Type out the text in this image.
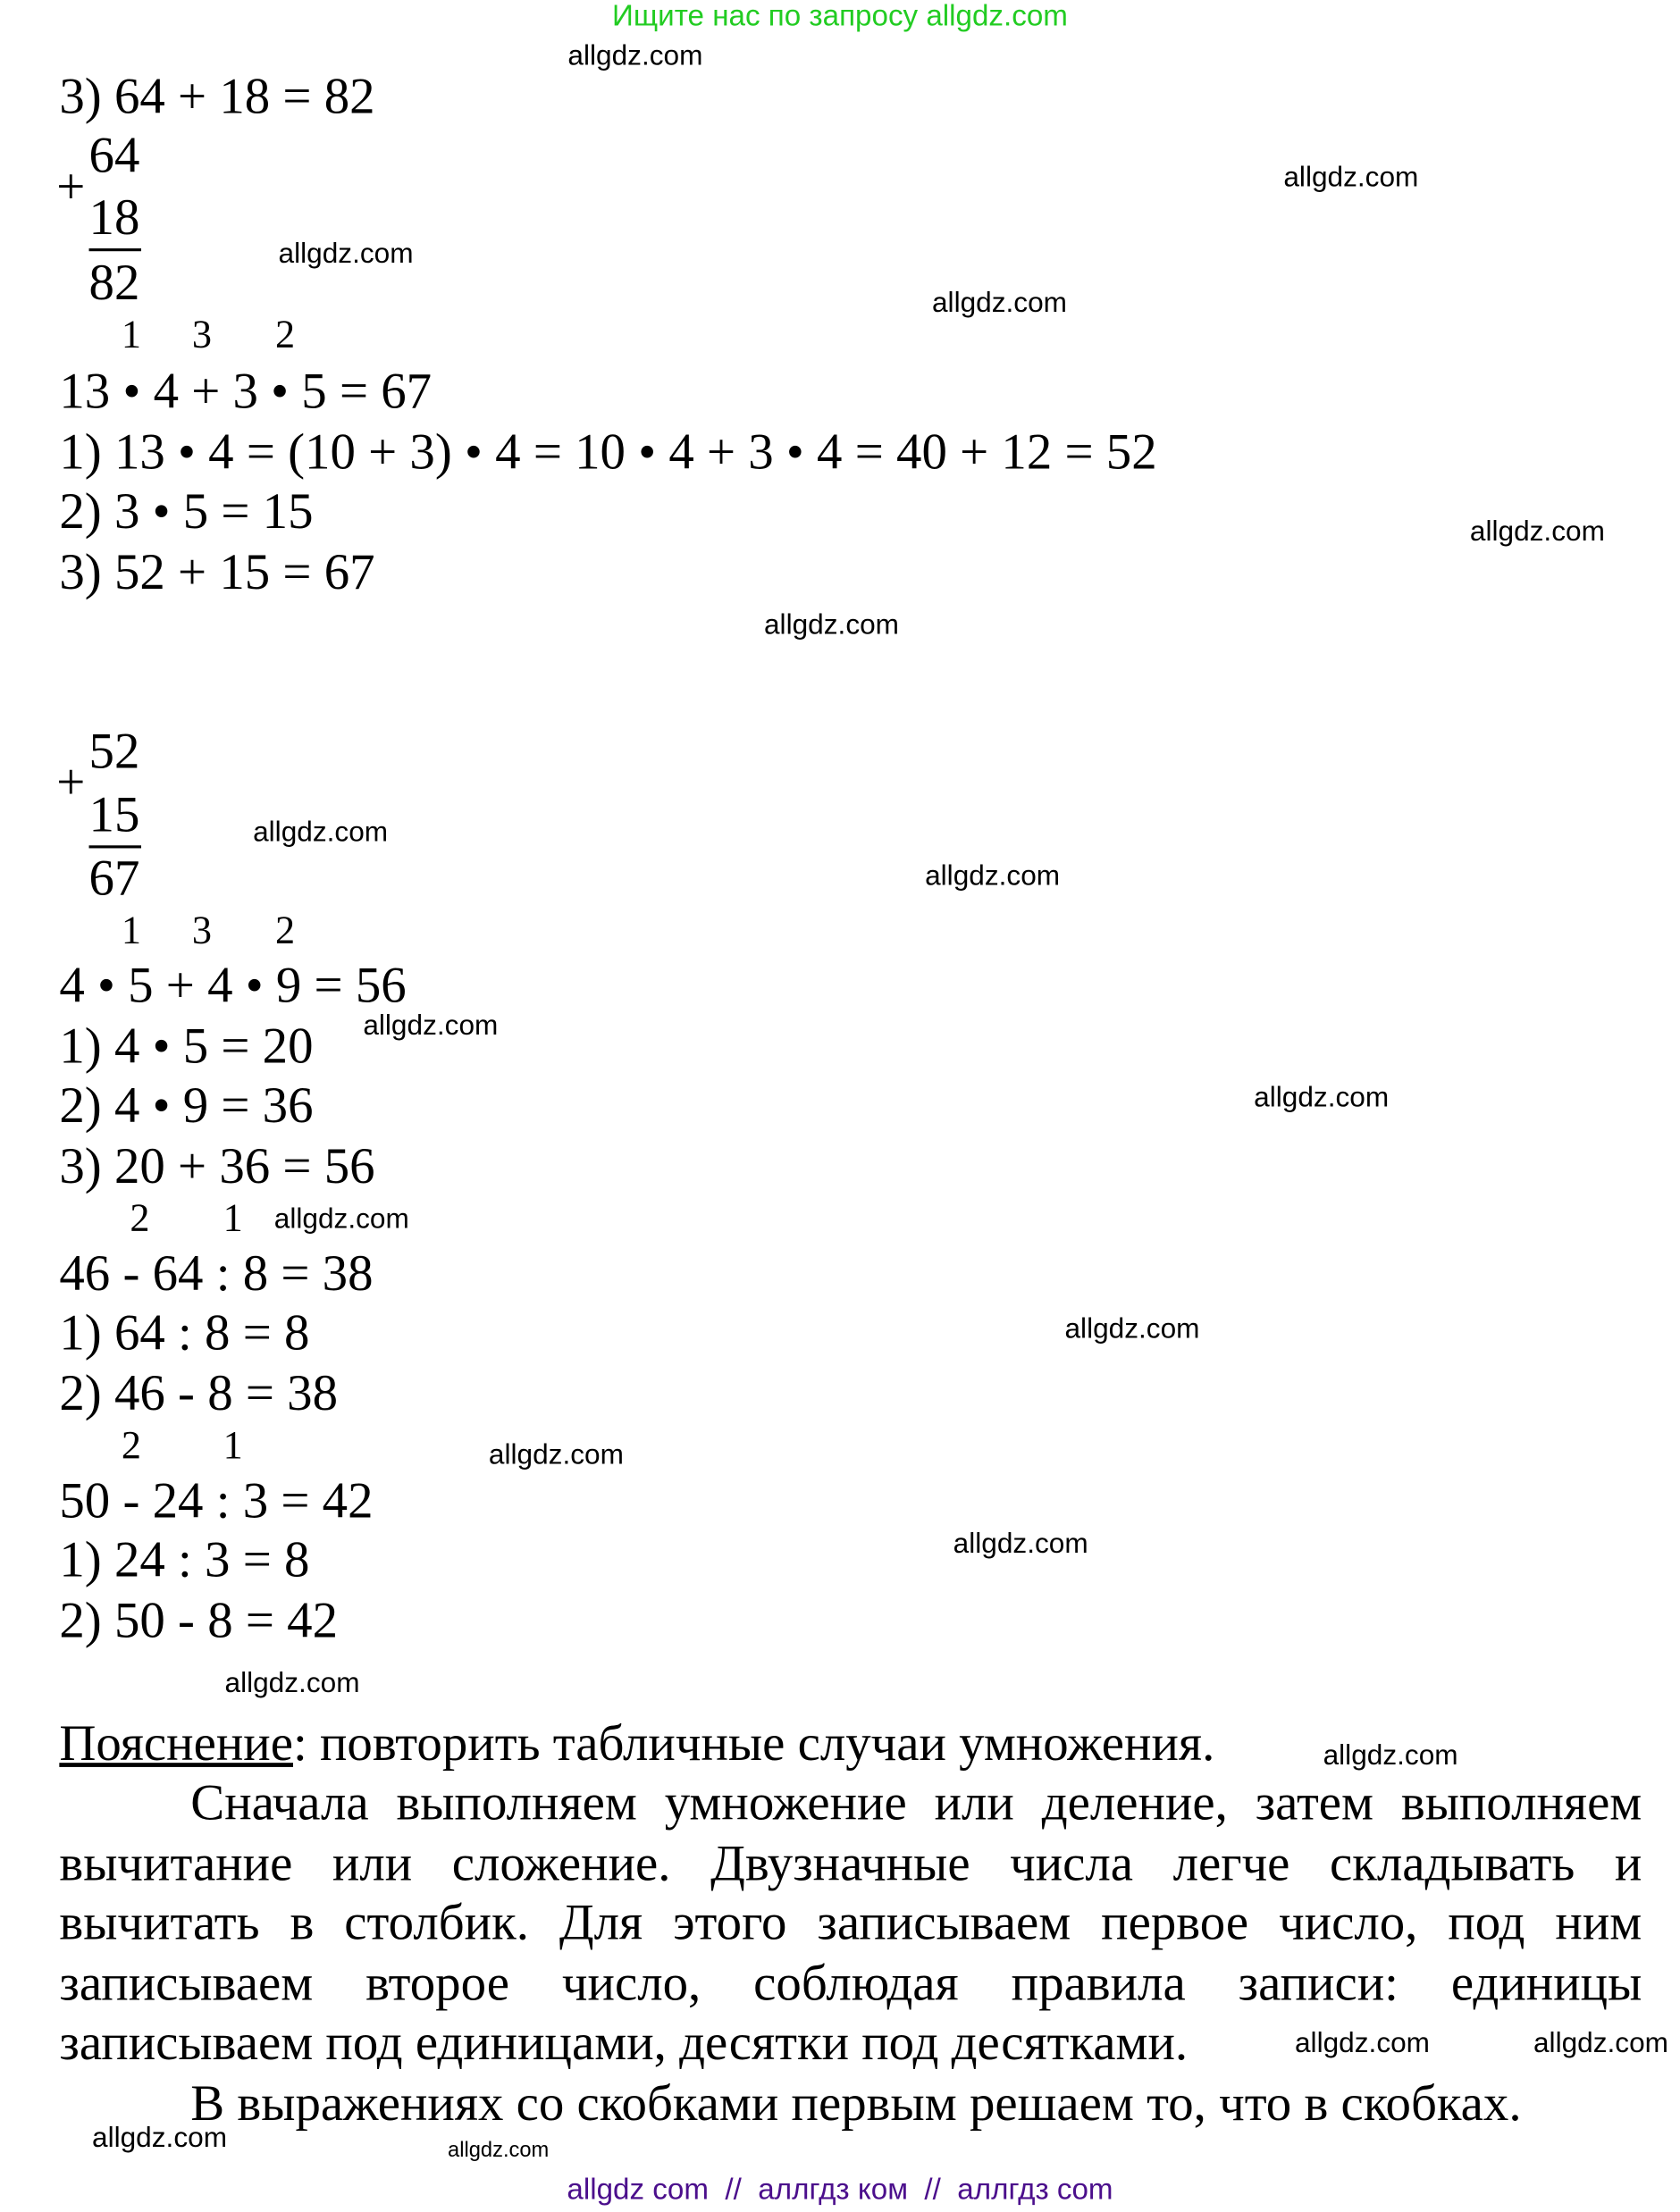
Ищите нас по запросу allgdz.com
3) 64 + 18 = 82
64
+
18
82
1 3	2
13 • 4 + 3 • 5 = 67
1) 13 • 4 = (10 + 3) • 4 = 10 • 4 + 3 • 4 = 40 + 12 = 52
2) 3 • 5 = 15
3) 52 + 15 = 67
52
+
15
67
1 3	2
4 • 5 + 4 • 9 = 56
1) 4 • 5 = 20
2) 4 • 9 = 36
3) 20 + 36 = 56
2	1
46 - 64 : 8 = 38
1) 64 : 8 = 8
2) 46 - 8 = 38
2	1
50 - 24 : 3 = 42
1) 24 : 3 = 8
2) 50 - 8 = 42
Пояснение: повторить табличные случаи умножения.
Сначала выполняем умножение или деление, затем выполняем
вычитание или сложение. Двузначные числа легче складывать и
вычитать в столбик. Для этого записываем первое число, под ним
записываем второе число, соблюдая правила записи: единицы
записываем под единицами, десятки под десятками.
В выражениях со скобками первым решаем то, что в скобках.
allgdz.com
allgdz.com
allgdz.com
allgdz.com
allgdz.com
allgdz.com
allgdz.com
allgdz.com
allgdz.com
allgdz.com
allgdz.com
allgdz.com
allgdz.com
allgdz.com
allgdz.com
allgdz.com
allgdz.com
allgdz.com	allgdz.com
allgdz.com
allgdz com  //  аллгдз ком  //  аллгдз com
